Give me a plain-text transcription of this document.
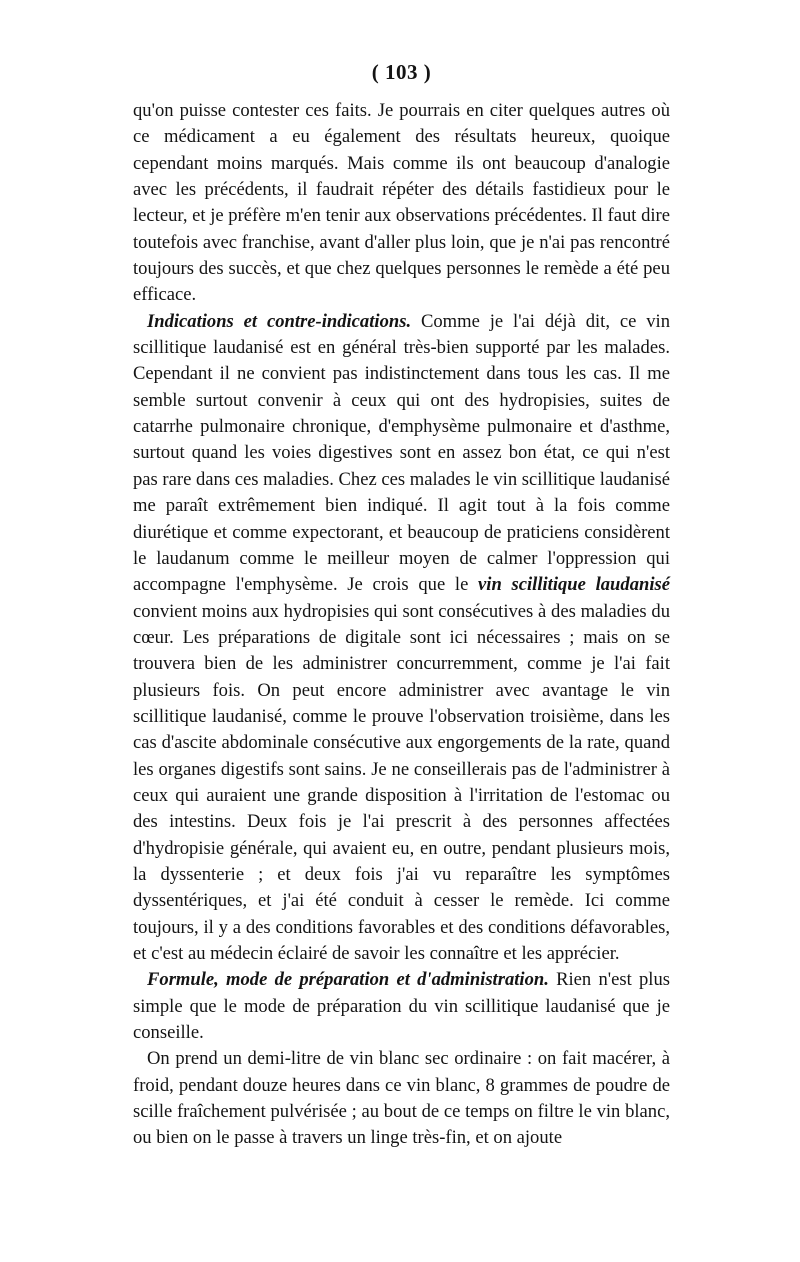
( 103 )

qu'on puisse contester ces faits. Je pourrais en citer quelques autres où ce médicament a eu également des résultats heureux, quoique cependant moins marqués. Mais comme ils ont beaucoup d'analogie avec les précédents, il faudrait répéter des détails fastidieux pour le lecteur, et je préfère m'en tenir aux observations précédentes. Il faut dire toutefois avec franchise, avant d'aller plus loin, que je n'ai pas rencontré toujours des succès, et que chez quelques personnes le remède a été peu efficace.

Indications et contre-indications. Comme je l'ai déjà dit, ce vin scillitique laudanisé est en général très-bien supporté par les malades. Cependant il ne convient pas indistinctement dans tous les cas. Il me semble surtout convenir à ceux qui ont des hydropisies, suites de catarrhe pulmonaire chronique, d'emphysème pulmonaire et d'asthme, surtout quand les voies digestives sont en assez bon état, ce qui n'est pas rare dans ces maladies. Chez ces malades le vin scillitique laudanisé me paraît extrêmement bien indiqué. Il agit tout à la fois comme diurétique et comme expectorant, et beaucoup de praticiens considèrent le laudanum comme le meilleur moyen de calmer l'oppression qui accompagne l'emphysème. Je crois que le vin scillitique laudanisé convient moins aux hydropisies qui sont consécutives à des maladies du cœur. Les préparations de digitale sont ici nécessaires ; mais on se trouvera bien de les administrer concurremment, comme je l'ai fait plusieurs fois. On peut encore administrer avec avantage le vin scillitique laudanisé, comme le prouve l'observation troisième, dans les cas d'ascite abdominale consécutive aux engorgements de la rate, quand les organes digestifs sont sains. Je ne conseillerais pas de l'administrer à ceux qui auraient une grande disposition à l'irritation de l'estomac ou des intestins. Deux fois je l'ai prescrit à des personnes affectées d'hydropisie générale, qui avaient eu, en outre, pendant plusieurs mois, la dyssenterie ; et deux fois j'ai vu reparaître les symptômes dyssentériques, et j'ai été conduit à cesser le remède. Ici comme toujours, il y a des conditions favorables et des conditions défavorables, et c'est au médecin éclairé de savoir les connaître et les apprécier.

Formule, mode de préparation et d'administration. Rien n'est plus simple que le mode de préparation du vin scillitique laudanisé que je conseille.

On prend un demi-litre de vin blanc sec ordinaire : on fait macérer, à froid, pendant douze heures dans ce vin blanc, 8 grammes de poudre de scille fraîchement pulvérisée ; au bout de ce temps on filtre le vin blanc, ou bien on le passe à travers un linge très-fin, et on ajoute
